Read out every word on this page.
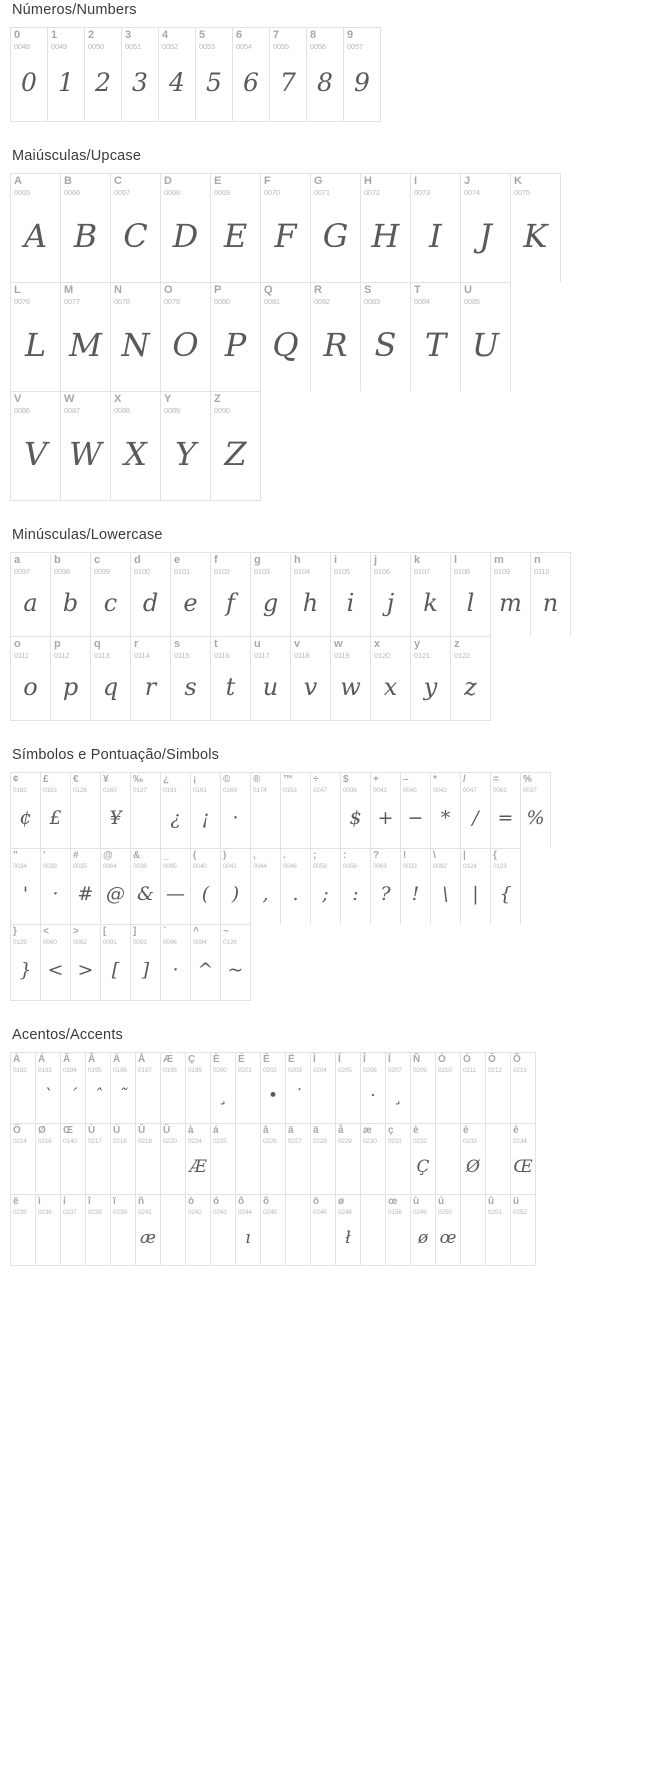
Números/Numbers
0
0048
0
1
0049
1
2
0050
2
3
0051
3
4
0052
4
5
0053
5
6
0054
6
7
0055
7
8
0056
8
9
0057
9
Maiúsculas/Upcase
A
0065
A
B
0066
B
C
0067
C
D
0068
D
E
0069
E
F
0070
F
G
0071
G
H
0072
H
I
0073
I
J
0074
J
K
0075
K
L
0076
L
M
0077
M
N
0078
N
O
0079
O
P
0080
P
Q
0081
Q
R
0082
R
S
0083
S
T
0084
T
U
0085
U
V
0086
V
W
0087
W
X
0088
X
Y
0089
Y
Z
0090
Z
Minúsculas/Lowercase
a
0097
a
b
0098
b
c
0099
c
d
0100
d
e
0101
e
f
0102
f
g
0103
g
h
0104
h
i
0105
i
j
0106
j
k
0107
k
l
0108
l
m
0109
m
n
0110
n
o
0111
o
p
0112
p
q
0113
q
r
0114
r
s
0115
s
t
0116
t
u
0117
u
v
0118
v
w
0119
w
x
0120
x
y
0121
y
z
0122
z
Símbolos e Pontuação/Simbols
¢
0162
¢
£
0163
£
€
0128
¥
0165
¥
‰
0137
¿
0191
¿
¡
0161
¡
©
0169
·
®
0174
™
0153
÷
0247
$
0036
$
+
0043
+
–
0045
−
*
0042
*
/
0047
/
=
0061
=
%
0037
%
"
0034
'
'
0039
·
#
0035
#
@
0064
@
&
0038
&
_
0095
—
(
0040
(
)
0041
)
,
0044
,
.
0046
.
;
0059
;
:
0058
:
?
0063
?
!
0033
!
\
0092
\
|
0124
|
{
0123
{
}
0125
}
<
0060
<
>
0062
>
[
0091
[
]
0093
]
`
0096
·
^
0094
^
~
0126
~
Acentos/Accents
À
0192
Á
0193
`
Â
0194
´
Ã
0195
ˆ
Ä
0196
˜
Å
0197
Æ
0198
Ç
0199
È
0200
¸
É
0201
Ê
0202
•
Ë
0203
˙
Ì
0204
Í
0205
Î
0206
·
Ï
0207
¸
Ñ
0209
Ò
0210
Ó
0211
Ô
0212
Õ
0213
Ö
0214
Ø
0216
Œ
0140
Ù
0217
Ú
0218
Û
0219
Ü
0220
à
0224
Æ
á
0225
â
0226
ä
0227
ä
0228
å
0229
æ
0230
ç
0231
è
0232
Ç
é
0233
Ø
ê
0234
Œ
ë
0235
ì
0236
í
0237
î
0238
ï
0239
ñ
0241
æ
ò
0242
ó
0243
ô
0244
ı
õ
0245
ö
0246
ø
0248
ł
œ
0156
ù
0249
ø
ú
0250
œ
û
0251
ü
0252
